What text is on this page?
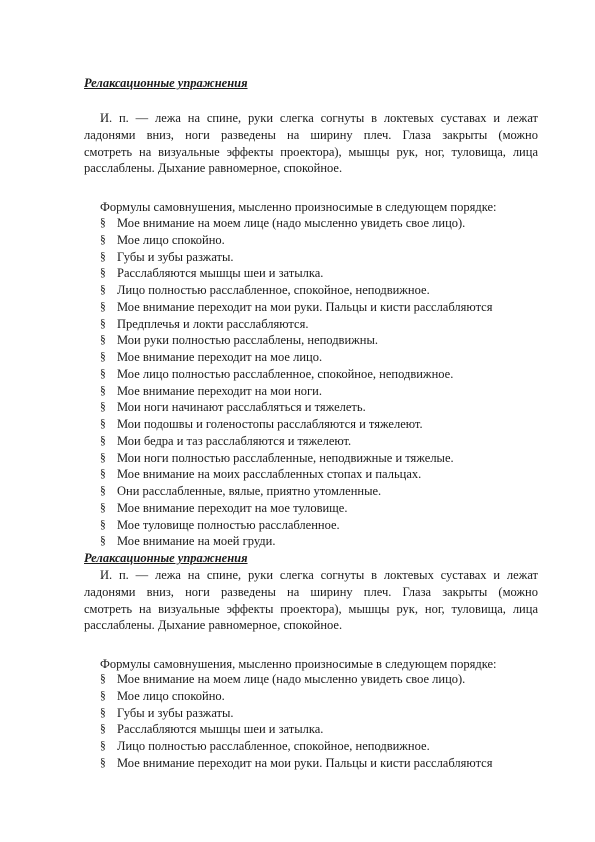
Релаксационные упражнения
И. п. — лежа на спине, руки слегка согнуты в локтевых суставах и лежат
ладонями вниз, ноги разведены на ширину плеч. Глаза закрыты (можно
смотреть на визуальные эффекты проектора), мышцы рук, ног, туловища, лица
расслаблены. Дыхание равномерное, спокойное.
Формулы самовнушения, мысленно произносимые в следующем порядке:
§ Мое внимание на моем лице (надо мысленно увидеть свое лицо).
§ Мое лицо спокойно.
§ Губы и зубы разжаты.
§ Расслабляются мышцы шеи и затылка.
§ Лицо полностью расслабленное, спокойное, неподвижное.
§ Мое внимание переходит на мои руки. Пальцы и кисти расслабляются
§ Предплечья и локти расслабляются.
§ Мои руки полностью расслаблены, неподвижны.
§ Мое внимание переходит на мое лицо.
§ Мое лицо полностью расслабленное, спокойное, неподвижное.
§ Мое внимание переходит на мои ноги.
§ Мои ноги начинают расслабляться и тяжелеть.
§ Мои подошвы и голеностопы расслабляются и тяжелеют.
§ Мои бедра и таз расслабляются и тяжелеют.
§ Мои ноги полностью расслабленные, неподвижные и тяжелые.
§ Мое внимание на моих расслабленных стопах и пальцах.
§ Они расслабленные, вялые, приятно утомленные.
§ Мое внимание переходит на мое туловище.
§ Мое туловище полностью расслабленное.
§ Мое внимание на моей груди.
Релаксационные упражнения
И. п. — лежа на спине, руки слегка согнуты в локтевых суставах и лежат
ладонями вниз, ноги разведены на ширину плеч. Глаза закрыты (можно
смотреть на визуальные эффекты проектора), мышцы рук, ног, туловища, лица
расслаблены. Дыхание равномерное, спокойное.
Формулы самовнушения, мысленно произносимые в следующем порядке:
§ Мое внимание на моем лице (надо мысленно увидеть свое лицо).
§ Мое лицо спокойно.
§ Губы и зубы разжаты.
§ Расслабляются мышцы шеи и затылка.
§ Лицо полностью расслабленное, спокойное, неподвижное.
§ Мое внимание переходит на мои руки. Пальцы и кисти расслабляются
